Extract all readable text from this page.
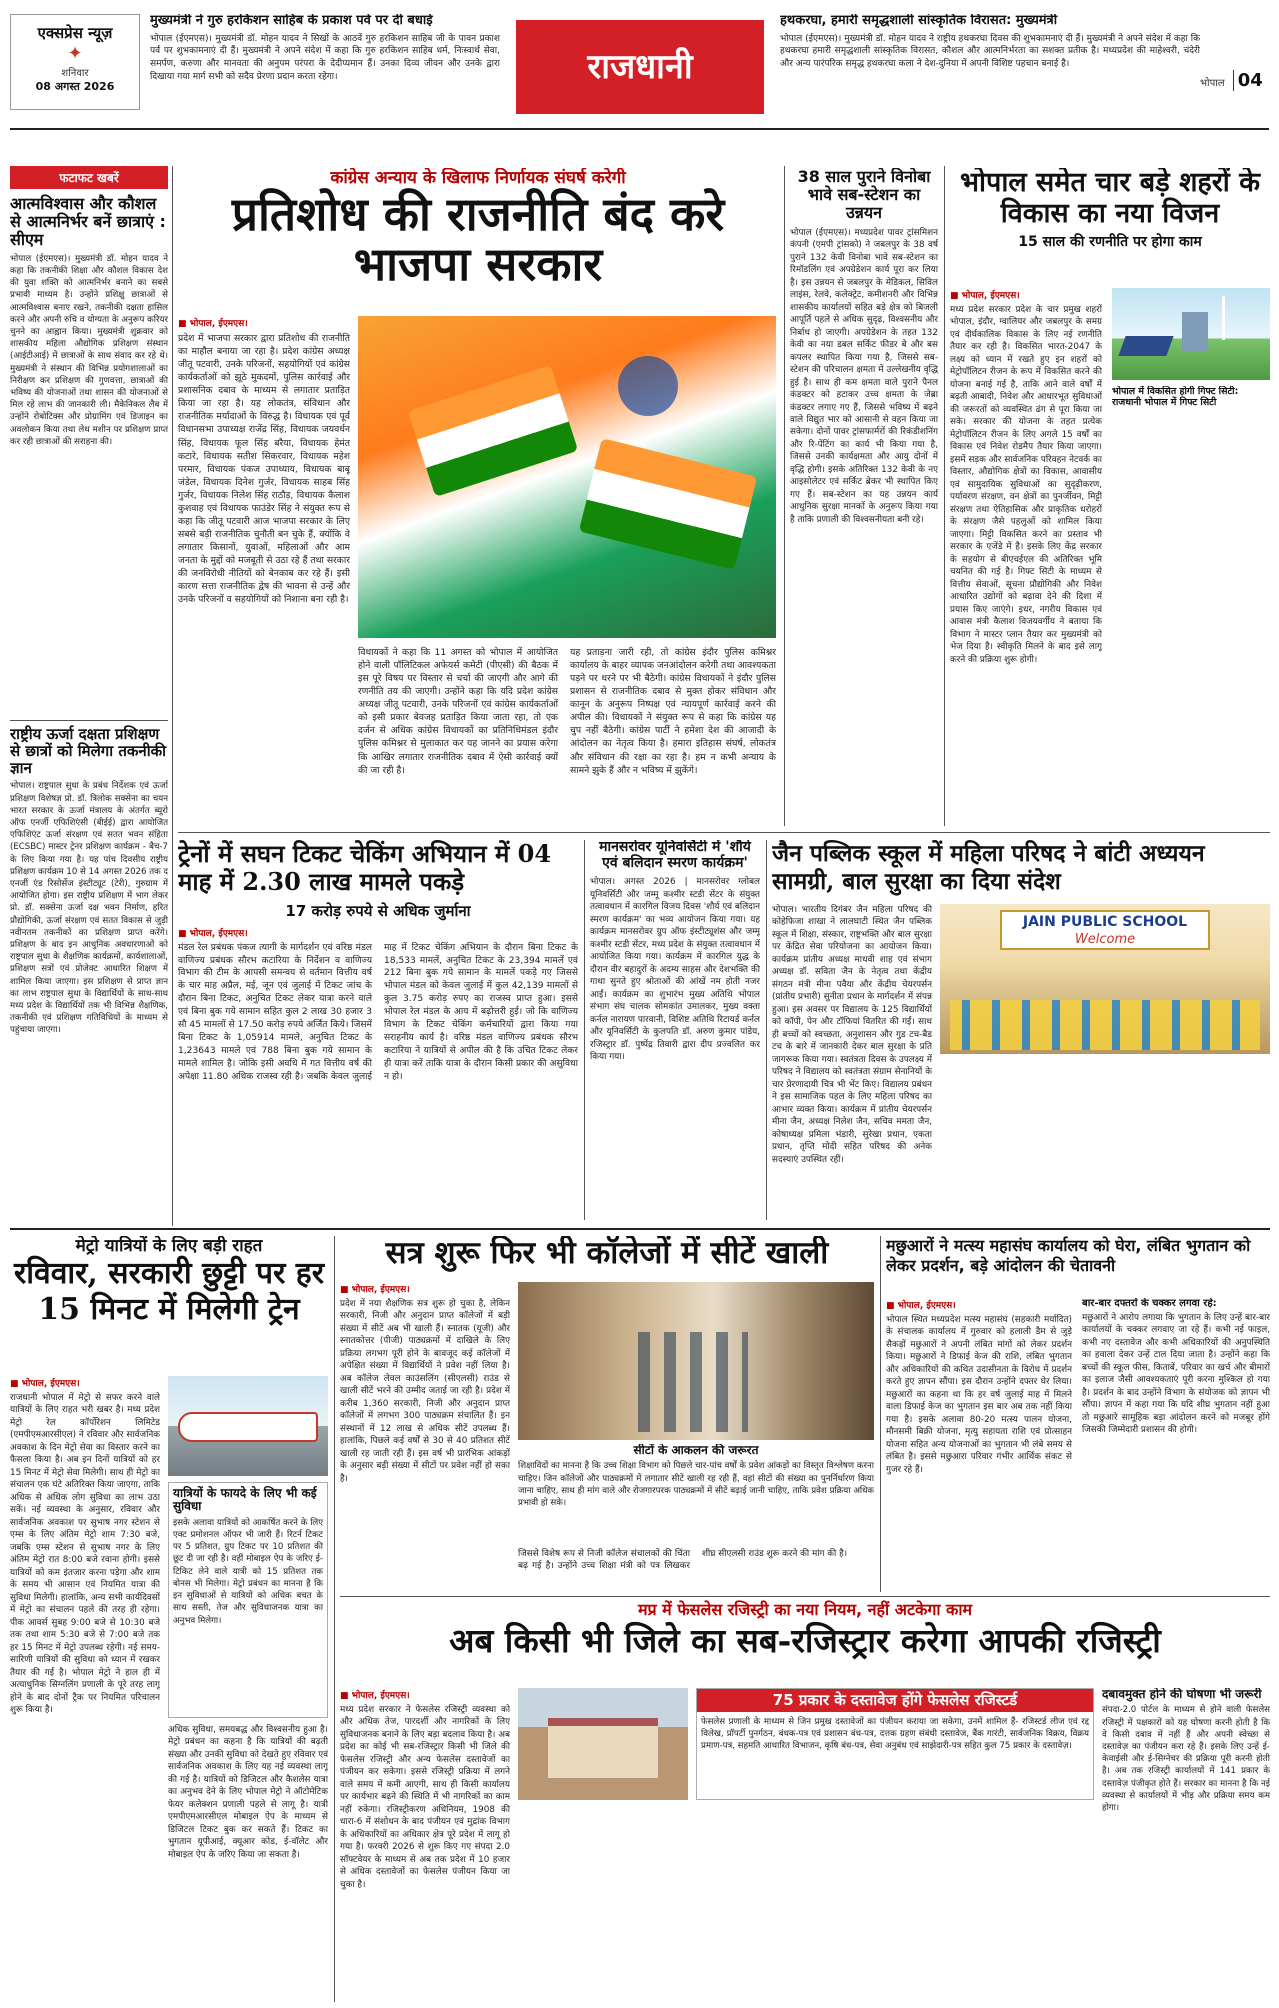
एक्सप्रेस न्यूज़
✦
शनिवार
08 अगस्त 2026
मुख्यमंत्री ने गुरु हरकिशन साहिब के प्रकाश पर्व पर दी बधाई
भोपाल (ईएमएस)। मुख्यमंत्री डॉ. मोहन यादव ने सिखों के आठवें गुरु हरकिशन साहिब जी के पावन प्रकाश पर्व पर शुभकामनाएं दी हैं। मुख्यमंत्री ने अपने संदेश में कहा कि गुरु हरकिशन साहिब धर्म, निःस्वार्थ सेवा, समर्पण, करुणा और मानवता की अनुपम परंपरा के देदीप्यमान हैं। उनका दिव्य जीवन और उनके द्वारा दिखाया गया मार्ग सभी को सदैव प्रेरणा प्रदान करता रहेगा।	राजधानी
हथकरघा, हमारी समृद्धशाली सांस्कृतिक विरासत: मुख्यमंत्री
भोपाल (ईएमएस)। मुख्यमंत्री डॉ. मोहन यादव ने राष्ट्रीय हथकरघा दिवस की शुभकामनाएं दी हैं। मुख्यमंत्री ने अपने संदेश में कहा कि हथकरघा हमारी समृद्धशाली सांस्कृतिक विरासत, कौशल और आत्मनिर्भरता का सशक्त प्रतीक है। मध्यप्रदेश की माहेश्वरी, चंदेरी और अन्य पारंपरिक समृद्ध हथकरघा कला ने देश-दुनिया में अपनी विशिष्ट पहचान बनाई है।
भोपाल 04
फटाफट खबरें
आत्मविश्वास और कौशल से आत्मनिर्भर बनें छात्राएं : सीएम
भोपाल (ईएमएस)। मुख्यमंत्री डॉ. मोहन यादव ने कहा कि तकनीकी शिक्षा और कौशल विकास देश की युवा शक्ति को आत्मनिर्भर बनाने का सबसे प्रभावी माध्यम है। उन्होंने प्रशिक्षु छात्राओं से आत्मविश्वास बनाए रखने, तकनीकी दक्षता हासिल करने और अपनी रुचि व योग्यता के अनुरूप करियर चुनने का आह्वान किया। मुख्यमंत्री शुक्रवार को शासकीय महिला औद्योगिक प्रशिक्षण संस्थान (आईटीआई) में छात्राओं के साथ संवाद कर रहे थे। मुख्यमंत्री ने संस्थान की विभिन्न प्रयोगशालाओं का निरीक्षण कर प्रशिक्षण की गुणवत्ता, छात्राओं की भविष्य की योजनाओं तथा शासन की योजनाओं से मिल रहे लाभ की जानकारी ली। मैकेनिकल लैब में उन्होंने रोबोटिक्स और प्रोग्रामिंग एवं डिजाइन का अवलोकन किया तथा लेथ मशीन पर प्रशिक्षण प्राप्त कर रही छात्राओं की सराहना की।
राष्ट्रीय ऊर्जा दक्षता प्रशिक्षण से छात्रों को मिलेगा तकनीकी ज्ञान
भोपाल। राष्ट्रपाल सुधा के प्रबंध निर्देशक एवं ऊर्जा प्रशिक्षण विशेषज्ञ प्रो. डॉ. त्रिलोक सक्सेना का चयन भारत सरकार के ऊर्जा मंत्रालय के अंतर्गत ब्यूरो ऑफ एनर्जी एफिशिएंसी (बीईई) द्वारा आयोजित एफिशिएंट ऊर्जा संरक्षण एवं सतत भवन संहिता (ECSBC) मास्टर ट्रेनर प्रशिक्षण कार्यक्रम - बैच-7 के लिए किया गया है। यह पांच दिवसीय राष्ट्रीय प्रशिक्षण कार्यक्रम 10 से 14 अगस्त 2026 तक द एनर्जी एंड रिसोर्सेज इंस्टीट्यूट (टेरी), गुरुग्राम में आयोजित होगा। इस राष्ट्रीय प्रशिक्षण में भाग लेकर प्रो. डॉ. सक्सेना ऊर्जा दक्ष भवन निर्माण, हरित प्रौद्योगिकी, ऊर्जा संरक्षण एवं सतत विकास से जुड़ी नवीनतम तकनीकों का प्रशिक्षण प्राप्त करेंगे। प्रशिक्षण के बाद इन आधुनिक अवधारणाओं को राष्ट्रपाल सुधा के शैक्षणिक कार्यक्रमों, कार्यशालाओं, प्रशिक्षण सत्रों एवं प्रोजेक्ट आधारित शिक्षण में शामिल किया जाएगा। इस प्रशिक्षण से प्राप्त ज्ञान का लाभ राष्ट्रपाल सुधा के विद्यार्थियों के साथ-साथ मध्य प्रदेश के विद्यार्थियों तक भी विभिन्न शैक्षणिक, तकनीकी एवं प्रशिक्षण गतिविधियों के माध्यम से पहुंचाया जाएगा।
कांग्रेस अन्याय के खिलाफ निर्णायक संघर्ष करेगी
प्रतिशोध की राजनीति बंद करे भाजपा सरकार
■ भोपाल, ईएमएस।
प्रदेश में भाजपा सरकार द्वारा प्रतिशोध की राजनीति का माहौल बनाया जा रहा है। प्रदेश कांग्रेस अध्यक्ष जीतू पटवारी, उनके परिजनों, सहयोगियों एवं कांग्रेस कार्यकर्ताओं को झूठे मुकदमों, पुलिस कार्रवाई और प्रशासनिक दबाव के माध्यम से लगातार प्रताड़ित किया जा रहा है। यह लोकतंत्र, संविधान और राजनीतिक मर्यादाओं के विरुद्ध है। विधायक एवं पूर्व विधानसभा उपाध्यक्ष राजेंद्र सिंह, विधायक जयवर्धन सिंह, विधायक फूल सिंह बरैया, विधायक हेमंत कटारे, विधायक सतीश सिकरवार, विधायक महेश परमार, विधायक पंकज उपाध्याय, विधायक बाबू जंडेल, विधायक दिनेश गुर्जर, विधायक साहब सिंह गुर्जर, विधायक निलेश सिंह राठौड़, विधायक कैलाश कुशवाह एवं विधायक फाउंडेर सिंह ने संयुक्त रूप से कहा कि जीतू पटवारी आज भाजपा सरकार के लिए सबसे बड़ी राजनीतिक चुनौती बन चुके हैं, क्योंकि वे लगातार किसानों, युवाओं, महिलाओं और आम जनता के मुद्दों को मजबूती से उठा रहे हैं तथा सरकार की जनविरोधी नीतियों को बेनकाब कर रहे हैं। इसी कारण सत्ता राजनीतिक द्वेष की भावना से उन्हें और उनके परिजनों व सहयोगियों को निशाना बना रही है।
विधायकों ने कहा कि 11 अगस्त को भोपाल में आयोजित होने वाली पॉलिटिकल अफेयर्स कमेटी (पीएसी) की बैठक में इस पूरे विषय पर विस्तार से चर्चा की जाएगी और आगे की रणनीति तय की जाएगी। उन्होंने कहा कि यदि प्रदेश कांग्रेस अध्यक्ष जीतू पटवारी, उनके परिजनों एवं कांग्रेस कार्यकर्ताओं को इसी प्रकार बेवजह प्रताड़ित किया जाता रहा, तो एक दर्जन से अधिक कांग्रेस विधायकों का प्रतिनिधिमंडल इंदौर पुलिस कमिश्नर से मुलाकात कर यह जानने का प्रयास करेगा कि आखिर लगातार राजनीतिक दबाव में ऐसी कार्रवाई क्यों की जा रही है।
यह प्रताड़ना जारी रही, तो कांग्रेस इंदौर पुलिस कमिश्नर कार्यालय के बाहर व्यापक जनआंदोलन करेगी तथा आवश्यकता पड़ने पर धरने पर भी बैठेगी। कांग्रेस विधायकों ने इंदौर पुलिस प्रशासन से राजनीतिक दबाव से मुक्त होकर संविधान और कानून के अनुरूप निष्पक्ष एवं न्यायपूर्ण कार्रवाई करने की अपील की। विधायकों ने संयुक्त रूप से कहा कि कांग्रेस यह चुप नहीं बैठेगी। कांग्रेस पार्टी ने हमेशा देश की आजादी के आंदोलन का नेतृत्व किया है। हमारा इतिहास संघर्ष, लोकतंत्र और संविधान की रक्षा का रहा है। हम न कभी अन्याय के सामने झुके हैं और न भविष्य में झुकेंगे।
38 साल पुराने विनोबा भावे सब-स्टेशन का उन्नयन
भोपाल (ईएमएस)। मध्यप्रदेश पावर ट्रांसमिशन कंपनी (एमपी ट्रांसको) ने जबलपुर के 38 वर्ष पुराने 132 केवी विनोबा भावे सब-स्टेशन का रिमॉडलिंग एवं अपग्रेडेशन कार्य पूरा कर लिया है। इस उन्नयन से जबलपुर के मेडिकल, सिविल लाइंस, रेलवे, कलेक्ट्रेट, कमीशनरी और विभिन्न शासकीय कार्यालयों सहित बड़े क्षेत्र को बिजली आपूर्ति पहले से अधिक सुदृढ़, विश्वसनीय और निर्बाध हो जाएगी। अपग्रेडेशन के तहत 132 केवी का नया डबल सर्किट फीडर बे और बस कपलर स्थापित किया गया है, जिससे सब-स्टेशन की परिचालन क्षमता में उल्लेखनीय वृद्धि हुई है। साथ ही कम क्षमता वाले पुराने पैनल कंडक्टर को हटाकर उच्च क्षमता के जेब्रा कंडक्टर लगाए गए हैं, जिससे भविष्य में बढ़ने वाले विद्युत भार को आसानी से वहन किया जा सकेगा। दोनों पावर ट्रांसफार्मरों की रिकंडीशनिंग और रि-पेंटिंग का कार्य भी किया गया है, जिससे उनकी कार्यक्षमता और आयु दोनों में वृद्धि होगी। इसके अतिरिक्त 132 केवी के नए आइसोलेटर एवं सर्किट ब्रेकर भी स्थापित किए गए हैं। सब-स्टेशन का यह उन्नयन कार्य आधुनिक सुरक्षा मानकों के अनुरूप किया गया है ताकि प्रणाली की विश्वसनीयता बनी रहे।
भोपाल समेत चार बड़े शहरों के विकास का नया विजन
15 साल की रणनीति पर होगा काम
■ भोपाल, ईएमएस।
मध्य प्रदेश सरकार प्रदेश के चार प्रमुख शहरों भोपाल, इंदौर, ग्वालियर और जबलपुर के समग्र एवं दीर्घकालिक विकास के लिए नई रणनीति तैयार कर रही है। विकसित भारत-2047 के लक्ष्य को ध्यान में रखते हुए इन शहरों को मेट्रोपॉलिटन रीजन के रूप में विकसित करने की योजना बनाई गई है, ताकि आने वाले वर्षों में बढ़ती आबादी, निवेश और आधारभूत सुविधाओं की जरूरतों को व्यवस्थित ढंग से पूरा किया जा सके। सरकार की योजना के तहत प्रत्येक मेट्रोपॉलिटन रीजन के लिए अगले 15 वर्षों का विकास एवं निवेश रोडमैप तैयार किया जाएगा। इसमें सड़क और सार्वजनिक परिवहन नेटवर्क का विस्तार, औद्योगिक क्षेत्रों का विकास, आवासीय एवं सामुदायिक सुविधाओं का सुदृढ़ीकरण, पर्यावरण संरक्षण, वन क्षेत्रों का पुनर्जीवन, मिट्टी संरक्षण तथा ऐतिहासिक और प्राकृतिक धरोहरों के संरक्षण जैसे पहलुओं को शामिल किया जाएगा। मिट्टी विकसित करने का प्रस्ताव भी सरकार के एजेंडे में है। इसके लिए केंद्र सरकार के सहयोग से बीएचईएल की अतिरिक्त भूमि चयनित की गई है। गिफ्ट सिटी के माध्यम से वित्तीय सेवाओं, सूचना प्रौद्योगिकी और निवेश आधारित उद्योगों को बढ़ावा देने की दिशा में प्रयास किए जाएंगे। इधर, नगरीय विकास एवं आवास मंत्री कैलाश विजयवर्गीय ने बताया कि विभाग ने मास्टर प्लान तैयार कर मुख्यमंत्री को भेज दिया है। स्वीकृति मिलने के बाद इसे लागू करने की प्रक्रिया शुरू होगी।
भोपाल में विकसित होगी गिफ्ट सिटी: राजधानी भोपाल में गिफ्ट सिटी
ट्रेनों में सघन टिकट चेकिंग अभियान में 04 माह में 2.30 लाख मामले पकड़े
17 करोड़ रुपये से अधिक जुर्माना
■ भोपाल, ईएमएस।
मंडल रेल प्रबंधक पंकज त्यागी के मार्गदर्शन एवं वरिष्ठ मंडल वाणिज्य प्रबंधक सौरभ कटारिया के निर्देशन व वाणिज्य विभाग की टीम के आपसी समन्वय से वर्तमान वित्तीय वर्ष के चार माह अप्रैल, मई, जून एवं जुलाई में टिकट जांच के दौरान बिना टिकट, अनुचित टिकट लेकर यात्रा करने वाले एवं बिना बुक गये सामान सहित कुल 2 लाख 30 हजार 3 सौ 45 मामलों से 17.50 करोड़ रुपये अर्जित किये। जिसमें बिना टिकट के 1,05914 मामले, अनुचित टिकट के 1,23643 मामले एवं 788 बिना बुक गये सामान के मामले शामिल है। जोकि इसी अवधि में गत वित्तीय वर्ष की अपेक्षा 11.80 अधिक राजस्व रही है। जबकि केवल जुलाई माह में टिकट चेकिंग अभियान के दौरान बिना टिकट के 18,533 मामलें, अनुचित टिकट के 23,394 मामलें एवं 212 बिना बुक गये सामान के मामलें पकड़े गए जिससे भोपाल मंडल को केवल जुलाई में कुल 42,139 मामलों से कुल 3.75 करोड़ रुपए का राजस्व प्राप्त हुआ। इससे भोपाल रेल मंडल के आय में बढ़ोत्तरी हुई। जो कि वाणिज्य विभाग के टिकट चेकिंग कर्मचारियों द्वारा किया गया सराहनीय कार्य है। वरिष्ठ मंडल वाणिज्य प्रबंधक सौरभ कटारिया ने यात्रियों से अपील की है कि उचित टिकट लेकर ही यात्रा करें ताकि यात्रा के दौरान किसी प्रकार की असुविधा न हो।
मानसरोवर यूनिवर्सिटी में 'शौर्य एवं बलिदान स्मरण कार्यक्रम'
भोपाल। अगस्त 2026 | मानसरोवर ग्लोबल यूनिवर्सिटी और जम्मू कश्मीर स्टडी सेंटर के संयुक्त तत्वावधान में कारगिल विजय दिवस 'शौर्य एवं बलिदान स्मरण कार्यक्रम' का भव्य आयोजन किया गया। यह कार्यक्रम मानसरोवर ग्रुप ऑफ इंस्टीट्यूशंस और जम्मू कश्मीर स्टडी सेंटर, मध्य प्रदेश के संयुक्त तत्वावधान में आयोजित किया गया। कार्यक्रम में कारगिल युद्ध के दौरान वीर बहादुरों के अदम्य साहस और देशभक्ति की गाथा सुनते हुए श्रोताओं की आंखें नम होती नजर आईं। कार्यक्रम का शुभारंभ मुख्य अतिथि भोपाल संभाग संघ चालक सोमकांत उमालकर, मुख्य वक्ता कर्नल नारायण पारवानी, विशिष्ट अतिथि रिटायर्ड कर्नल और यूनिवर्सिटी के कुलपति डॉ. अरुण कुमार पांडेय, रजिस्ट्रार डॉ. पुष्पेंद्र तिवारी द्वारा दीप प्रज्वलित कर किया गया।
जैन पब्लिक स्कूल में महिला परिषद ने बांटी अध्ययन सामग्री, बाल सुरक्षा का दिया संदेश
JAIN PUBLIC SCHOOL
Welcome
भोपाल। भारतीय दिगंबर जैन महिला परिषद की कोहेफिजा शाखा ने लालघाटी स्थित जैन पब्लिक स्कूल में शिक्षा, संस्कार, राष्ट्रभक्ति और बाल सुरक्षा पर केंद्रित सेवा परियोजना का आयोजन किया। कार्यक्रम प्रांतीय अध्यक्ष माधवी शाह एवं संभाग अध्यक्ष डॉ. सविता जैन के नेतृत्व तथा केंद्रीय संगठन मंत्री मीना पवैया और केंद्रीय चेयरपर्सन (प्रांतीय प्रभारी) सुनीता प्रधान के मार्गदर्शन में संपन्न हुआ। इस अवसर पर विद्यालय के 125 विद्यार्थियों को कॉपी, पेन और टॉफियां वितरित की गईं। साथ ही बच्चों को स्वच्छता, अनुशासन और गुड टच-बैड टच के बारे में जानकारी देकर बाल सुरक्षा के प्रति जागरूक किया गया। स्वतंत्रता दिवस के उपलक्ष्य में परिषद ने विद्यालय को स्वतंत्रता संग्राम सेनानियों के चार प्रेरणादायी चित्र भी भेंट किए। विद्यालय प्रबंधन ने इस सामाजिक पहल के लिए महिला परिषद का आभार व्यक्त किया। कार्यक्रम में प्रांतीय चेयरपर्सन मीना जैन, अध्यक्ष निलेश जैन, सचिव ममता जैन, कोषाध्यक्ष प्रमिला भंडारी, सुरेखा प्रधान, एकता प्रधान, तृप्ति मोदी सहित परिषद की अनेक सदस्याएं उपस्थित रहीं।
मेट्रो यात्रियों के लिए बड़ी राहत
रविवार, सरकारी छुट्टी पर हर 15 मिनट में मिलेगी ट्रेन
■ भोपाल, ईएमएस।
राजधानी भोपाल में मेट्रो से सफर करने वाले यात्रियों के लिए राहत भरी खबर है। मध्य प्रदेश मेट्रो रेल कॉर्पोरेशन लिमिटेड (एमपीएमआरसीएल) ने रविवार और सार्वजनिक अवकाश के दिन मेट्रो सेवा का विस्तार करने का फैसला किया है। अब इन दिनों यात्रियों को हर 15 मिनट में मेट्रो सेवा मिलेगी। साथ ही मेट्रो का संचालन एक घंटे अतिरिक्त किया जाएगा, ताकि अधिक से अधिक लोग सुविधा का लाभ उठा सकें। नई व्यवस्था के अनुसार, रविवार और सार्वजनिक अवकाश पर सुभाष नगर स्टेशन से एम्स के लिए अंतिम मेट्रो शाम 7:30 बजे, जबकि एम्स स्टेशन से सुभाष नगर के लिए अंतिम मेट्रो रात 8:00 बजे रवाना होगी। इससे यात्रियों को कम इंतजार करना पड़ेगा और शाम के समय भी आसान एवं नियमित यात्रा की सुविधा मिलेगी। हालांकि, अन्य सभी कार्यदिवसों में मेट्रो का संचालन पहले की तरह ही रहेगा। पीक आवर्स सुबह 9:00 बजे से 10:30 बजे तक तथा शाम 5:30 बजे से 7:00 बजे तक हर 15 मिनट में मेट्रो उपलब्ध रहेगी। नई समय-सारिणी यात्रियों की सुविधा को ध्यान में रखकर तैयार की गई है। भोपाल मेट्रो ने हाल ही में अत्याधुनिक सिग्नलिंग प्रणाली के पूरे तरह लागू होने के बाद दोनों ट्रैक पर नियमित परिचालन शुरू किया है।
यात्रियों के फायदे के लिए भी कई सुविधा
इसके अलावा यात्रियों को आकर्षित करने के लिए एक्ट प्रमोशनल ऑफर भी जारी हैं। रिटर्न टिकट पर 5 प्रतिशत, ग्रुप टिकट पर 10 प्रतिशत की छूट दी जा रही है। वहीं मोबाइल ऐप के जरिए ई-टिकिट लेने वाले यात्री को 15 प्रतिशत तक बोनस भी मिलेगा। मेट्रो प्रबंधन का मानना है कि इन सुविधाओं से यात्रियों को अधिक बचत के साथ सस्ती, तेज और सुविधाजनक यात्रा का अनुभव मिलेगा।
अधिक सुविधा, समयबद्ध और विश्वसनीय हुआ है। मेट्रो प्रबंधन का कहना है कि यात्रियों की बढ़ती संख्या और उनकी सुविधा को देखते हुए रविवार एवं सार्वजनिक अवकाश के लिए यह नई व्यवस्था लागू की गई है। यात्रियों को डिजिटल और कैशलेस यात्रा का अनुभव देने के लिए भोपाल मेट्रो ने ऑटोमेटिक फेयर कलेक्शन प्रणाली पहले से लागू है। यात्री एमपीएमआरसीएल मोबाइल ऐप के माध्यम से डिजिटल टिकट बुक कर सकते हैं। टिकट का भुगतान यूपीआई, क्यूआर कोड, ई-वॉलेट और मोबाइल ऐप के जरिए किया जा सकता है।
सत्र शुरू फिर भी कॉलेजों में सीटें खाली
■ भोपाल, ईएमएस।
प्रदेश में नया शैक्षणिक सत्र शुरू हो चुका है, लेकिन सरकारी, निजी और अनुदान प्राप्त कॉलेजों में बड़ी संख्या में सीटें अब भी खाली हैं। स्नातक (यूजी) और स्नातकोत्तर (पीजी) पाठ्यक्रमों में दाखिले के लिए प्रक्रिया लगभग पूरी होने के बावजूद कई कॉलेजों में अपेक्षित संख्या में विद्यार्थियों ने प्रवेश नहीं लिया है। अब कॉलेज लेवल काउंसलिंग (सीएलसी) राउंड से खाली सीटें भरने की उम्मीद जताई जा रही है। प्रदेश में करीब 1,360 सरकारी, निजी और अनुदान प्राप्त कॉलेजों में लगभग 300 पाठ्यक्रम संचालित हैं। इन संस्थानों में 12 लाख से अधिक सीटें उपलब्ध हैं। हालांकि, पिछले कई वर्षों से 30 से 40 प्रतिशत सीटें खाली रह जाती रही हैं। इस वर्ष भी प्रारंभिक आंकड़ों के अनुसार बड़ी संख्या में सीटों पर प्रवेश नहीं हो सका है।
सीटों के आकलन की जरूरत
शिक्षाविदों का मानना है कि उच्च शिक्षा विभाग को पिछले चार-पांच वर्षों के प्रवेश आंकड़ों का विस्तृत विश्लेषण करना चाहिए। जिन कॉलेजों और पाठ्यक्रमों में लगातार सीटें खाली रह रही हैं, वहां सीटों की संख्या का पुनर्निर्धारण किया जाना चाहिए, साथ ही मांग वाले और रोजगारपरक पाठ्यक्रमों में सीटें बढ़ाई जानी चाहिए, ताकि प्रवेश प्रक्रिया अधिक प्रभावी हो सके।
जिससे विशेष रूप से निजी कॉलेज संचालकों की चिंता बढ़ गई है। उन्होंने उच्च शिक्षा मंत्री को पत्र लिखकर शीघ्र सीएलसी राउंड शुरू करने की मांग की है।
मछुआरों ने मत्स्य महासंघ कार्यालय को घेरा, लंबित भुगतान को लेकर प्रदर्शन, बड़े आंदोलन की चेतावनी
■ भोपाल, ईएमएस।
भोपाल स्थित मध्यप्रदेश मत्स्य महासंघ (सहकारी मर्यादित) के संचालक कार्यालय में गुरुवार को हलाली डैम से जुड़े सैकड़ों मछुआरों ने अपनी लंबित मांगों को लेकर प्रदर्शन किया। मछुआरों ने डिफाई केज की राशि, लंबित भुगतान और अधिकारियों की कथित उदासीनता के विरोध में प्रदर्शन करते हुए ज्ञापन सौंपा। इस दौरान उन्होंने दफ्तर घेर लिया। मछुआरों का कहना था कि हर वर्ष जुलाई माह में मिलने वाला डिफाई केज का भुगतान इस बार अब तक नहीं किया गया है। इसके अलावा 80-20 मत्स्य पालन योजना, मौनसमी बिक्री योजना, मृत्यु सहायता राशि एवं प्रोत्साहन योजना सहित अन्य योजनाओं का भुगतान भी लंबे समय से लंबित है। इससे मछुआरा परिवार गंभीर आर्थिक संकट से गुजर रहे हैं।
बार-बार दफ्तरों के चक्कर लगवा रहे:
मछुआरों ने आरोप लगाया कि भुगतान के लिए उन्हें बार-बार कार्यालयों के चक्कर लगवाए जा रहे हैं। कभी नई फाइल, कभी नए दस्तावेज और कभी अधिकारियों की अनुपस्थिति का हवाला देकर उन्हें टाल दिया जाता है। उन्होंने कहा कि बच्चों की स्कूल फीस, किताबें, परिवार का खर्च और बीमारों का इलाज जैसी आवश्यकताएं पूरी करना मुश्किल हो गया है। प्रदर्शन के बाद उन्होंने विभाग के संयोजक को ज्ञापन भी सौंपा। ज्ञापन में कहा गया कि यदि शीघ्र भुगतान नहीं हुआ तो मछुआरे सामूहिक बड़ा आंदोलन करने को मजबूर होंगे जिसकी जिम्मेदारी प्रशासन की होगी।
मप्र में फेसलेस रजिस्ट्री का नया नियम, नहीं अटकेगा काम
अब किसी भी जिले का सब-रजिस्ट्रार करेगा आपकी रजिस्ट्री
■ भोपाल, ईएमएस।
मध्य प्रदेश सरकार ने फेसलेस रजिस्ट्री व्यवस्था को और अधिक तेज, पारदर्शी और नागरिकों के लिए सुविधाजनक बनाने के लिए बड़ा बदलाव किया है। अब प्रदेश का कोई भी सब-रजिस्ट्रार किसी भी जिले की फेसलेस रजिस्ट्री और अन्य फेसलेस दस्तावेजों का पंजीयन कर सकेगा। इससे रजिस्ट्री प्रक्रिया में लगने वाले समय में कमी आएगी, साथ ही किसी कार्यालय पर कार्यभार बढ़ने की स्थिति में भी नागरिकों का काम नहीं रुकेगा। रजिस्ट्रीकरण अधिनियम, 1908 की धारा-6 में संशोधन के बाद पंजीयन एवं मुद्रांक विभाग के अधिकारियों का अधिकार क्षेत्र पूरे प्रदेश में लागू हो गया है। फरवरी 2026 से शुरू किए गए संपदा 2.0 सॉफ्टवेयर के माध्यम से अब तक प्रदेश में 10 हजार से अधिक दस्तावेजों का फेसलेस पंजीयन किया जा चुका है।
75 प्रकार के दस्तावेज होंगे फेसलेस रजिस्टर्ड
फेसलेस प्रणाली के माध्यम से जिन प्रमुख दस्तावेजों का पंजीयन कराया जा सकेगा, उनमें शामिल हैं- रजिस्टर्ड लीज एवं रद्द विलेख, प्रॉपर्टी पुनर्गठन, बंधक-पत्र एवं प्रशासन बंध-पत्र, दत्तक ग्रहण संबंधी दस्तावेज, बैंक गारंटी, सार्वजनिक विक्रय, विक्रय प्रमाण-पत्र, सहमति आधारित विभाजन, कृषि बंध-पत्र, सेवा अनुबंध एवं साझेदारी-पत्र सहित कुल 75 प्रकार के दस्तावेज़।
दबावमुक्त होने की घोषणा भी जरूरी
संपदा-2.0 पोर्टल के माध्यम से होने वाली फेसलेस रजिस्ट्री में पक्षकारों को यह घोषणा करनी होती है कि वे किसी दबाव में नहीं हैं और अपनी स्वेच्छा से दस्तावेज़ का पंजीयन करा रहे हैं। इसके लिए उन्हें ई-केवाईसी और ई-सिग्नेचर की प्रक्रिया पूरी करनी होती है। अब तक रजिस्ट्री कार्यालयों में 141 प्रकार के दस्तावेज़ पंजीकृत होते हैं। सरकार का मानना है कि नई व्यवस्था से कार्यालयों में भीड़ और प्रक्रिया समय कम होगा।
